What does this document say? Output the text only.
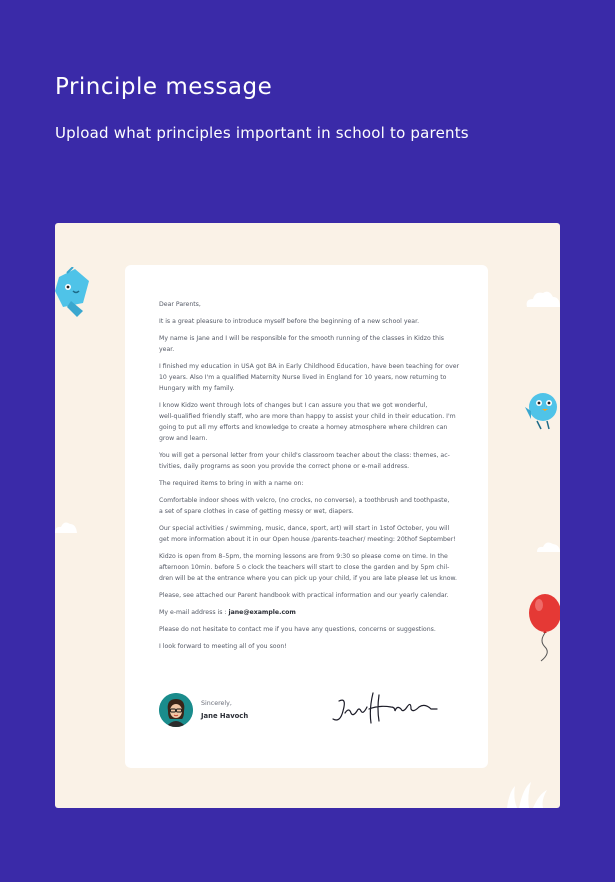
Principle message
Upload what principles important in school to parents

Dear Parents,

It is a great pleasure to introduce myself before the beginning of a new school year.

My name is Jane and I will be responsible for the smooth running of the classes in Kidzo this
year.

I finished my education in USA got BA in Early Childhood Education, have been teaching for over
10 years. Also I'm a qualified Maternity Nurse lived in England for 10 years, now returning to
Hungary with my family.

I know Kidzo went through lots of changes but I can assure you that we got wonderful,
well-qualified friendly staff, who are more than happy to assist your child in their education. I'm
going to put all my efforts and knowledge to create a homey atmosphere where children can
grow and learn.

You will get a personal letter from your child's classroom teacher about the class: themes, ac-
tivities, daily programs as soon you provide the correct phone or e-mail address.

The required items to bring in with a name on:

Comfortable indoor shoes with velcro, (no crocks, no converse), a toothbrush and toothpaste,
a set of spare clothes in case of getting messy or wet, diapers.

Our special activities / swimming, music, dance, sport, art) will start in 1stof October, you will
get more information about it in our Open house /parents-teacher/ meeting: 20thof September!

Kidzo is open from 8–5pm, the morning lessons are from 9:30 so please come on time. In the
afternoon 10min. before 5 o clock the teachers will start to close the garden and by 5pm chil-
dren will be at the entrance where you can pick up your child, if you are late please let us know.

Please, see attached our Parent handbook with practical information and our yearly calendar.

My e-mail address is : jane@example.com

Please do not hesitate to contact me if you have any questions, concerns or suggestions.

I look forward to meeting all of you soon!

Sincerely,
Jane Havoch
